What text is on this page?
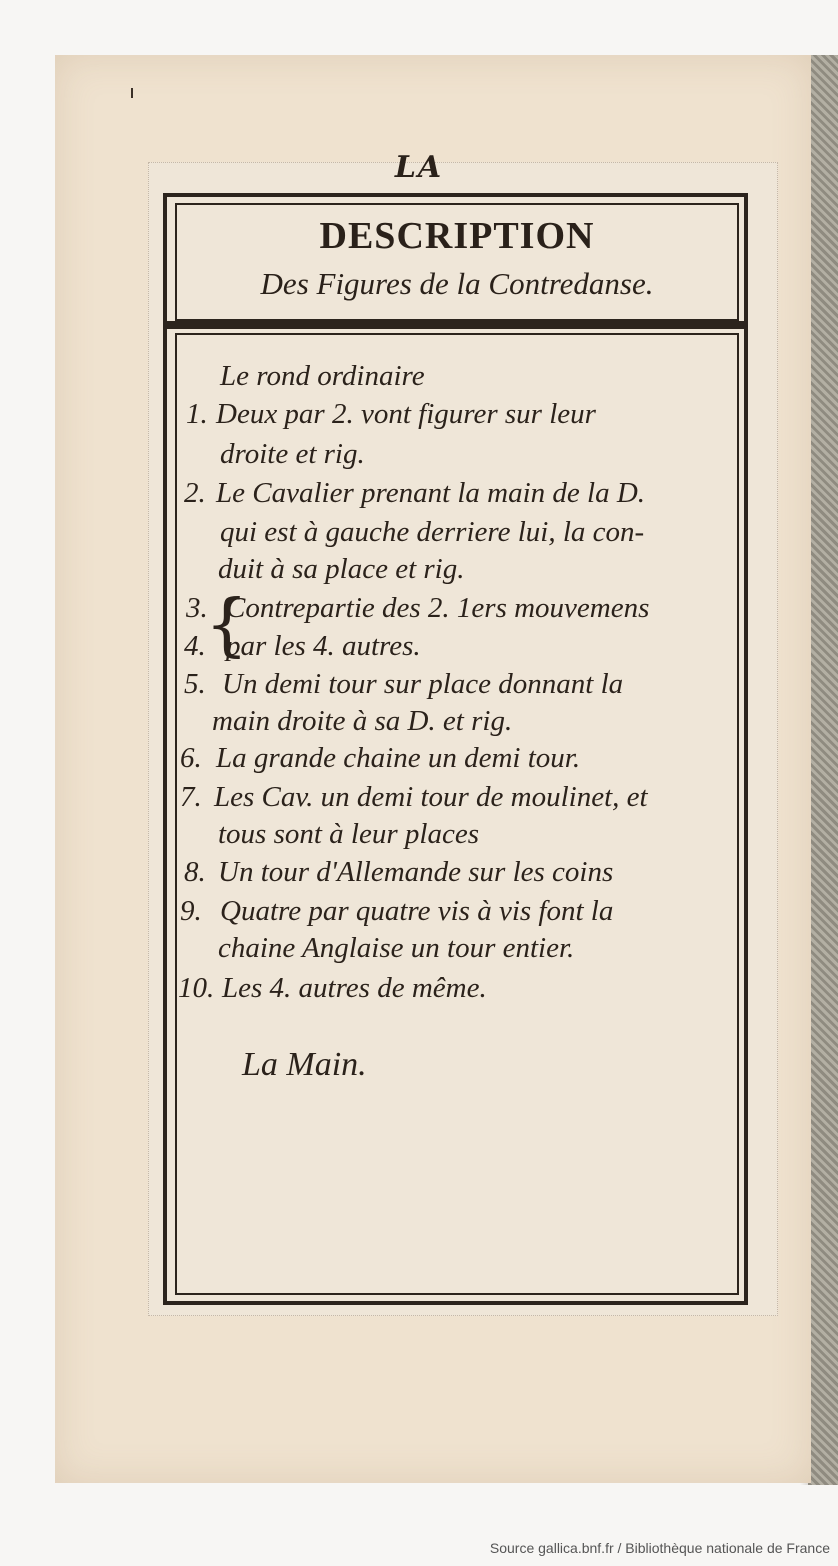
LA
DESCRIPTION
Des Figures de la Contredanse.
Le rond ordinaire
1. Deux par 2. vont figurer sur leur
droite et rig.
2. Le Cavalier prenant la main de la D.
qui est à gauche derriere lui, la con-
duit à sa place et rig.
{
3. Contrepartie des 2. 1ers mouvemens
4. par les 4. autres.
5. Un demi tour sur place donnant la
main droite à sa D. et rig.
6. La grande chaine un demi tour.
7. Les Cav. un demi tour de moulinet, et
tous sont à leur places
8. Un tour d'Allemande sur les coins
9. Quatre par quatre vis à vis font la
chaine Anglaise un tour entier.
10. Les 4. autres de même.
La Main.
Source gallica.bnf.fr / Bibliothèque nationale de France
